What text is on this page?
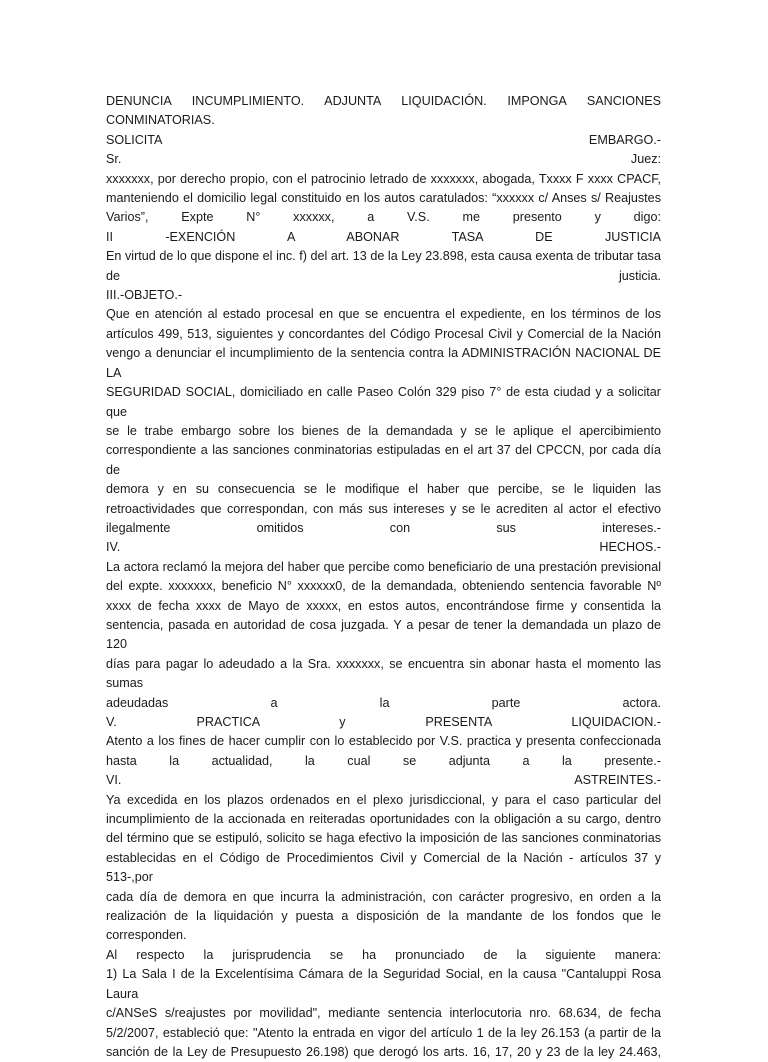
DENUNCIA INCUMPLIMIENTO. ADJUNTA LIQUIDACIÓN. IMPONGA SANCIONES CONMINATORIAS.
SOLICITA EMBARGO.-
Sr. Juez:
xxxxxxx, por derecho propio, con el patrocinio letrado de xxxxxxx, abogada, Txxxx F xxxx CPACF,
manteniendo el domicilio legal constituido en los autos caratulados: “xxxxxx c/ Anses s/ Reajustes
Varios”, Expte N° xxxxxx, a V.S. me presento y digo:
II -EXENCIÓN A ABONAR TASA DE JUSTICIA
En virtud de lo que dispone el inc. f) del art. 13 de la Ley 23.898, esta causa exenta de tributar tasa
de justicia.
III.-OBJETO.-
Que en atención al estado procesal en que se encuentra el expediente, en los términos de los
artículos 499, 513, siguientes y concordantes del Código Procesal Civil y Comercial de la Nación
vengo a denunciar el incumplimiento de la sentencia contra la ADMINISTRACIÓN NACIONAL DE LA
SEGURIDAD SOCIAL, domiciliado en calle Paseo Colón 329 piso 7° de esta ciudad y a solicitar que
se le trabe embargo sobre los bienes de la demandada y se le aplique el apercibimiento
correspondiente a las sanciones conminatorias estipuladas en el art 37 del CPCCN, por cada día de
demora y en su consecuencia se le modifique el haber que percibe, se le liquiden las
retroactividades que correspondan, con más sus intereses y se le acrediten al actor el efectivo
ilegalmente omitidos con sus intereses.-
IV. HECHOS.-
La actora reclamó la mejora del haber que percibe como beneficiario de una prestación previsional
del expte. xxxxxxx, beneficio N° xxxxxx0, de la demandada, obteniendo sentencia favorable Nº
xxxx de fecha xxxx de Mayo de xxxxx, en estos autos, encontrándose firme y consentida la
sentencia, pasada en autoridad de cosa juzgada. Y a pesar de tener la demandada un plazo de 120
días para pagar lo adeudado a la Sra. xxxxxxx, se encuentra sin abonar hasta el momento las sumas
adeudadas a la parte actora.
V. PRACTICA y PRESENTA LIQUIDACION.-
Atento a los fines de hacer cumplir con lo establecido por V.S. practica y presenta confeccionada
hasta la actualidad, la cual se adjunta a la presente.-
VI. ASTREINTES.-
Ya excedida en los plazos ordenados en el plexo jurisdiccional, y para el caso particular del
incumplimiento de la accionada en reiteradas oportunidades con la obligación a su cargo, dentro
del término que se estipuló, solicito se haga efectivo la imposición de las sanciones conminatorias
establecidas en el Código de Procedimientos Civil y Comercial de la Nación - artículos 37 y 513-,por
cada día de demora en que incurra la administración, con carácter progresivo, en orden a la
realización de la liquidación y puesta a disposición de la mandante de los fondos que le
corresponden.
Al respecto la jurisprudencia se ha pronunciado de la siguiente manera:
1) La Sala I de la Excelentísima Cámara de la Seguridad Social, en la causa "Cantaluppi Rosa Laura
c/ANSeS s/reajustes por movilidad", mediante sentencia interlocutoria nro. 68.634, de fecha
5/2/2007, estableció que: "Atento la entrada en vigor del artículo 1 de la ley 26.153 (a partir de la
sanción de la Ley de Presupuesto 26.198) que derogó los arts. 16, 17, 20 y 23 de la ley 24.463,
